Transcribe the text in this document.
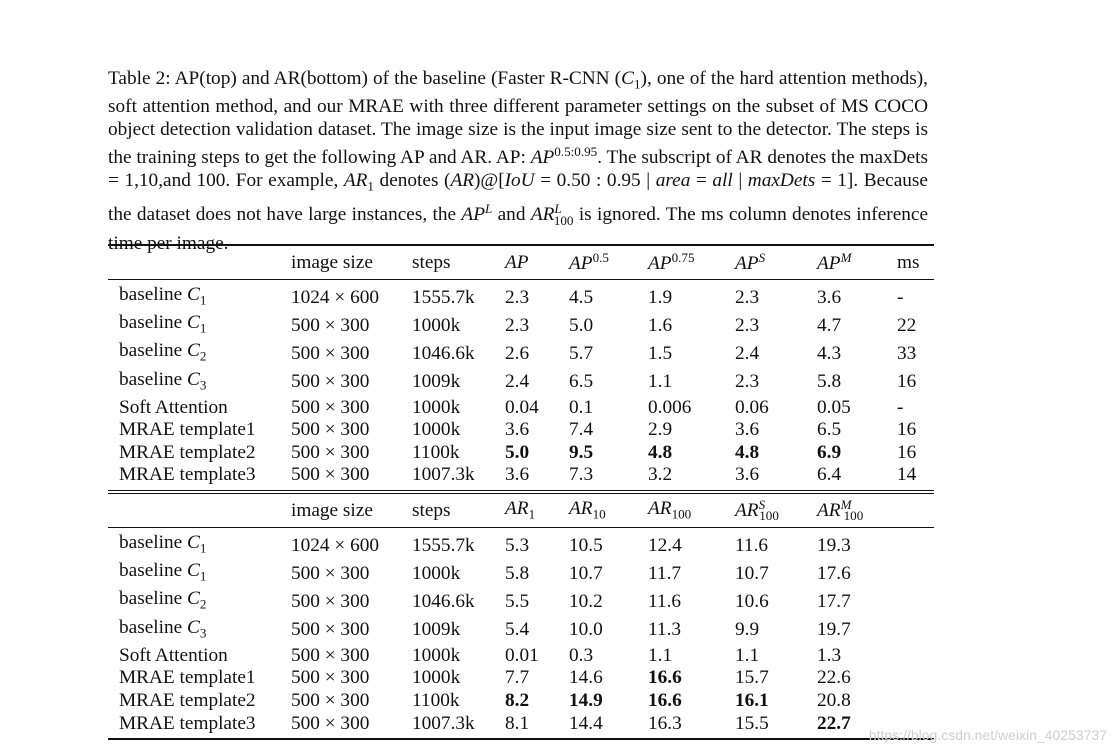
Table 2: AP(top) and AR(bottom) of the baseline (Faster R-CNN $(C_1)$, one of the hard attention methods), soft attention method, and our MRAE with three different parameter settings on the subset of MS COCO object detection validation dataset. The image size is the input image size sent to the detector. The steps is the training steps to get the following AP and AR. AP: $AP^{0.5:0.95}$. The subscript of AR denotes the maxDets = 1,10,and 100. For example, $AR_1$ denotes (AR)@[IoU = 0.50 : 0.95 | area = all | maxDets = 1]. Because the dataset does not have large instances, the $AP^L$ and $AR^L_{100}$ is ignored. The ms column denotes inference time per image.

	image size	steps	AP	$AP^{0.5}$	$AP^{0.75}$	$AP^S$	$AP^M$	ms
baseline $C_1$	1024 × 600	1555.7k	2.3	4.5	1.9	2.3	3.6	-
baseline $C_1$	500 × 300	1000k	2.3	5.0	1.6	2.3	4.7	22
baseline $C_2$	500 × 300	1046.6k	2.6	5.7	1.5	2.4	4.3	33
baseline $C_3$	500 × 300	1009k	2.4	6.5	1.1	2.3	5.8	16
Soft Attention	500 × 300	1000k	0.04	0.1	0.006	0.06	0.05	-
MRAE template1	500 × 300	1000k	3.6	7.4	2.9	3.6	6.5	16
MRAE template2	500 × 300	1100k	5.0	9.5	4.8	4.8	6.9	16
MRAE template3	500 × 300	1007.3k	3.6	7.3	3.2	3.6	6.4	14

	image size	steps	$AR_1$	$AR_{10}$	$AR_{100}$	$AR^S_{100}$	$AR^M_{100}$	
baseline $C_1$	1024 × 600	1555.7k	5.3	10.5	12.4	11.6	19.3	
baseline $C_1$	500 × 300	1000k	5.8	10.7	11.7	10.7	17.6	
baseline $C_2$	500 × 300	1046.6k	5.5	10.2	11.6	10.6	17.7	
baseline $C_3$	500 × 300	1009k	5.4	10.0	11.3	9.9	19.7	
Soft Attention	500 × 300	1000k	0.01	0.3	1.1	1.1	1.3	
MRAE template1	500 × 300	1000k	7.7	14.6	16.6	15.7	22.6	
MRAE template2	500 × 300	1100k	8.2	14.9	16.6	16.1	20.8	
MRAE template3	500 × 300	1007.3k	8.1	14.4	16.3	15.5	22.7	

https://blog.csdn.net/weixin_40253737
